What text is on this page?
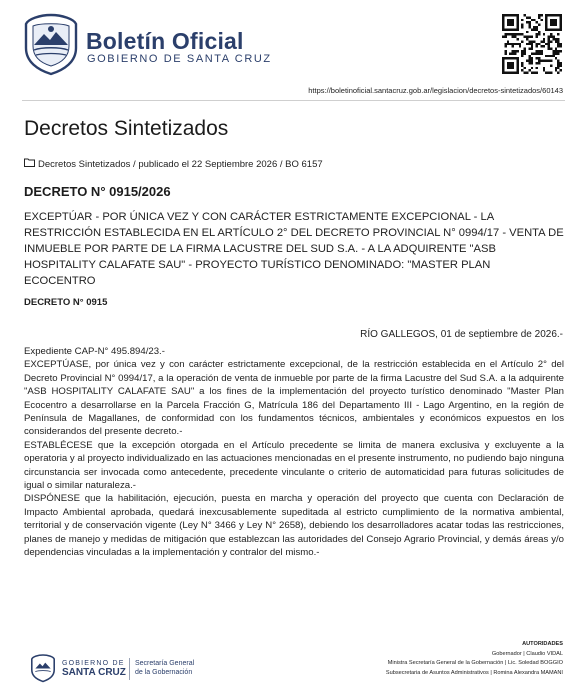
Boletín Oficial
GOBIERNO DE SANTA CRUZ
https://boletinoficial.santacruz.gob.ar/legislacion/decretos-sintetizados/60143
Decretos Sintetizados
Decretos Sintetizados / publicado el 22 Septiembre 2026 / BO 6157
DECRETO N° 0915/2026
EXCEPTÚAR - POR ÚNICA VEZ Y CON CARÁCTER ESTRICTAMENTE EXCEPCIONAL - LA RESTRICCIÓN ESTABLECIDA EN EL ARTÍCULO 2° DEL DECRETO PROVINCIAL N° 0994/17 - VENTA DE INMUEBLE POR PARTE DE LA FIRMA LACUSTRE DEL SUD S.A. - A LA ADQUIRENTE "ASB HOSPITALITY CALAFATE SAU" - PROYECTO TURÍSTICO DENOMINADO: "MASTER PLAN ECOCENTRO
DECRETO N° 0915
RÍO GALLEGOS, 01 de septiembre de 2026.-

Expediente CAP-N° 495.894/23.-

EXCEPTÚASE, por única vez y con carácter estrictamente excepcional, de la restricción establecida en el Artículo 2° del Decreto Provincial N° 0994/17, a la operación de venta de inmueble por parte de la firma Lacustre del Sud S.A. a la adquirente "ASB HOSPITALITY CALAFATE SAU" a los fines de la implementación del proyecto turístico denominado "Master Plan Ecocentro a desarrollarse en la Parcela Fracción G, Matrícula 186 del Departamento III - Lago Argentino, en la región de Península de Magallanes, de conformidad con los fundamentos técnicos, ambientales y económicos expuestos en los considerandos del presente decreto.-

ESTABLÉCESE que la excepción otorgada en el Artículo precedente se limita de manera exclusiva y excluyente a la operatoria y al proyecto individualizado en las actuaciones mencionadas en el presente instrumento, no pudiendo bajo ninguna circunstancia ser invocada como antecedente, precedente vinculante o criterio de automaticidad para futuras solicitudes de igual o similar naturaleza.-

DISPÓNESE que la habilitación, ejecución, puesta en marcha y operación del proyecto que cuenta con Declaración de Impacto Ambiental aprobada, quedará inexcusablemente supeditada al estricto cumplimiento de la normativa ambiental, territorial y de conservación vigente (Ley N° 3466 y Ley N° 2658), debiendo los desarrolladores acatar todas las restricciones, planes de manejo y medidas de mitigación que establezcan las autoridades del Consejo Agrario Provincial, y demás áreas y/o dependencias vinculadas a la implementación y contralor del mismo.-

GOBIERNO DE
SANTA CRUZ
Secretaría General
de la Gobernación
AUTORIDADES
Gobernador | Claudio VIDAL
Ministra Secretaría General de la Gobernación | Lic. Soledad BOGGIO
Subsecretaria de Asuntos Administrativos | Romina Alexandra MAMANI
